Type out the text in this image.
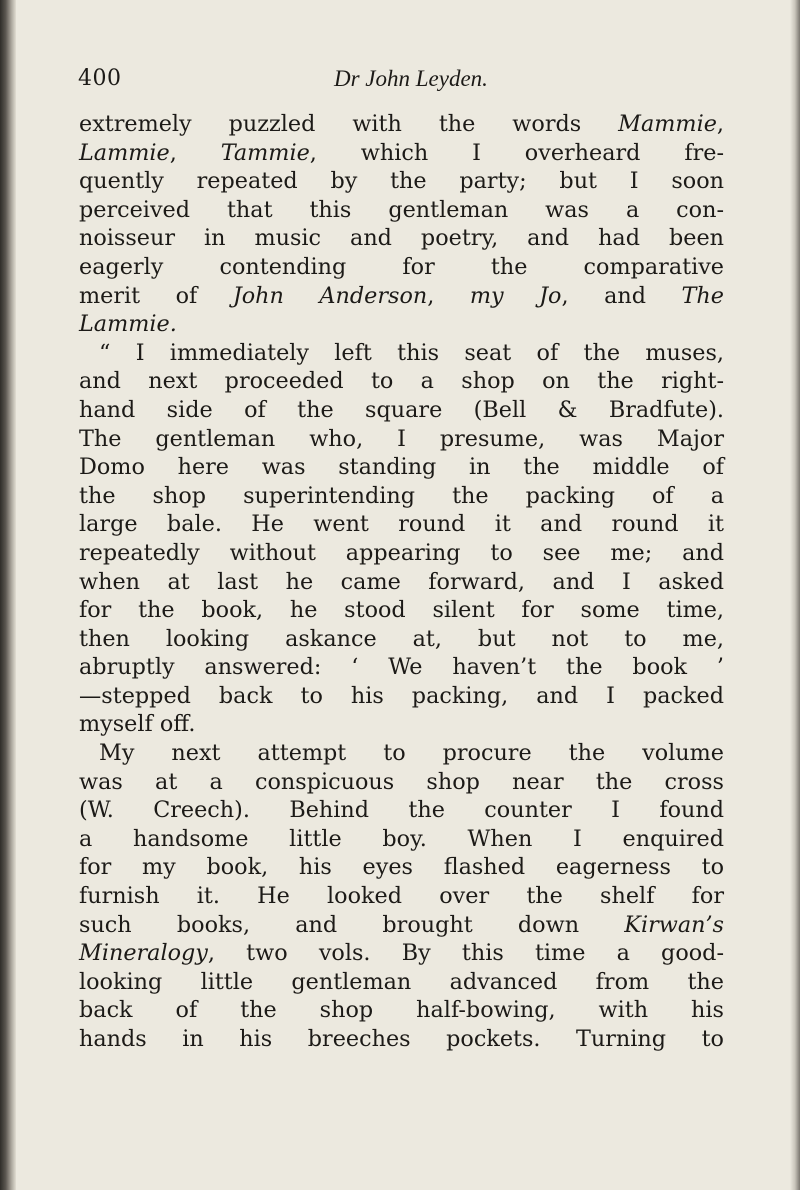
400	Dr John Leyden.
extremely puzzled with the words Mammie,
Lammie, Tammie, which I overheard fre-
quently repeated by the party; but I soon
perceived that this gentleman was a con-
noisseur in music and poetry, and had been
eagerly contending for the comparative
merit of John Anderson, my Jo, and The
Lammie.
“ I immediately left this seat of the muses,
and next proceeded to a shop on the right-
hand side of the square (Bell & Bradfute).
The gentleman who, I presume, was Major
Domo here was standing in the middle of
the shop superintending the packing of a
large bale. He went round it and round it
repeatedly without appearing to see me; and
when at last he came forward, and I asked
for the book, he stood silent for some time,
then looking askance at, but not to me,
abruptly answered: ‘ We haven’t the book ’
—stepped back to his packing, and I packed
myself off.
My next attempt to procure the volume
was at a conspicuous shop near the cross
(W. Creech). Behind the counter I found
a handsome little boy. When I enquired
for my book, his eyes flashed eagerness to
furnish it. He looked over the shelf for
such books, and brought down Kirwan’s
Mineralogy, two vols. By this time a good-
looking little gentleman advanced from the
back of the shop half-bowing, with his
hands in his breeches pockets. Turning to
